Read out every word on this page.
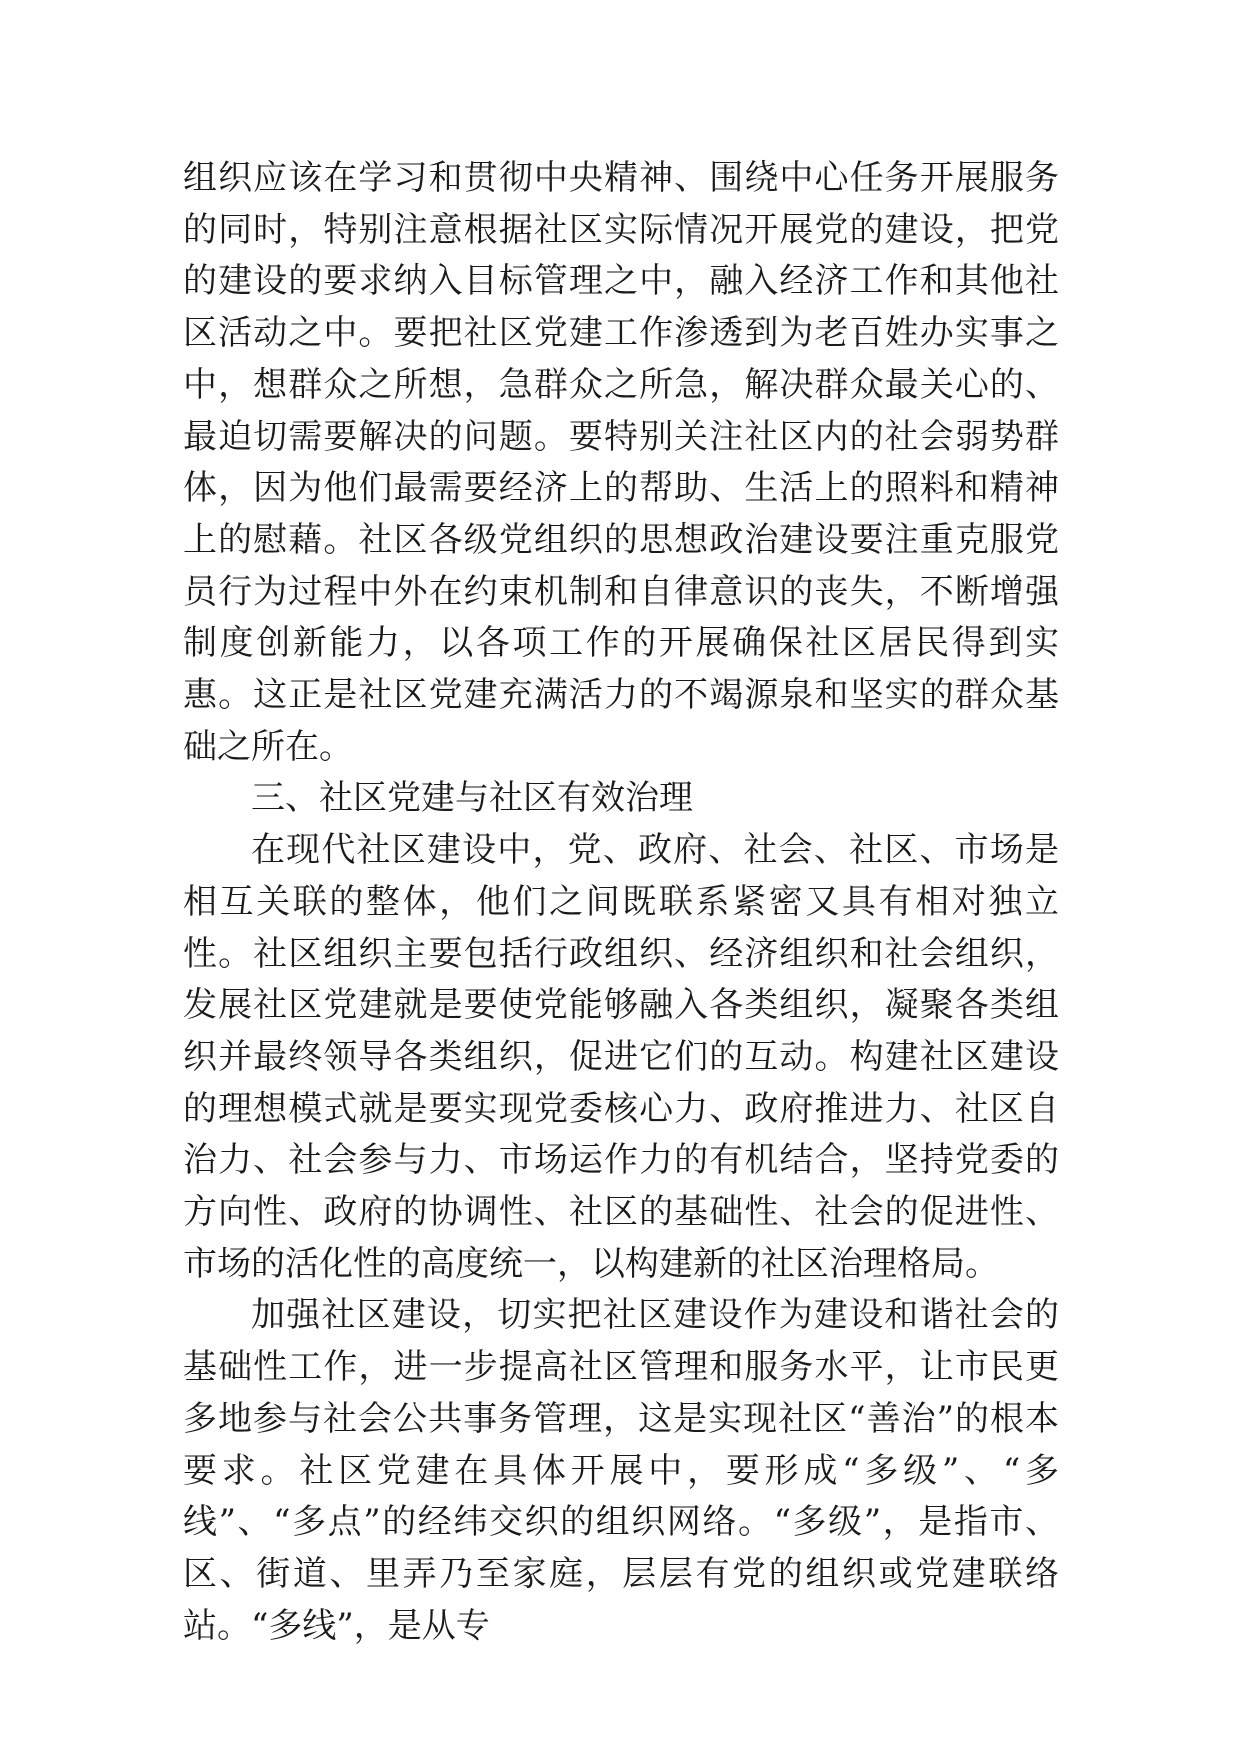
组织应该在学习和贯彻中央精神、围绕中心任务开展服务的同时，特别注意根据社区实际情况开展党的建设，把党的建设的要求纳入目标管理之中，融入经济工作和其他社区活动之中。要把社区党建工作渗透到为老百姓办实事之中，想群众之所想，急群众之所急，解决群众最关心的、最迫切需要解决的问题。要特别关注社区内的社会弱势群体，因为他们最需要经济上的帮助、生活上的照料和精神上的慰藉。社区各级党组织的思想政治建设要注重克服党员行为过程中外在约束机制和自律意识的丧失，不断增强制度创新能力，以各项工作的开展确保社区居民得到实惠。这正是社区党建充满活力的不竭源泉和坚实的群众基础之所在。

三、社区党建与社区有效治理

在现代社区建设中，党、政府、社会、社区、市场是相互关联的整体，他们之间既联系紧密又具有相对独立性。社区组织主要包括行政组织、经济组织和社会组织，发展社区党建就是要使党能够融入各类组织，凝聚各类组织并最终领导各类组织，促进它们的互动。构建社区建设的理想模式就是要实现党委核心力、政府推进力、社区自治力、社会参与力、市场运作力的有机结合，坚持党委的方向性、政府的协调性、社区的基础性、社会的促进性、市场的活化性的高度统一，以构建新的社区治理格局。

加强社区建设，切实把社区建设作为建设和谐社会的基础性工作，进一步提高社区管理和服务水平，让市民更多地参与社会公共事务管理，这是实现社区“善治”的根本要求。社区党建在具体开展中，要形成“多级”、“多线”、“多点”的经纬交织的组织网络。“多级”，是指市、区、街道、里弄乃至家庭，层层有党的组织或党建联络站。“多线”，是从专
